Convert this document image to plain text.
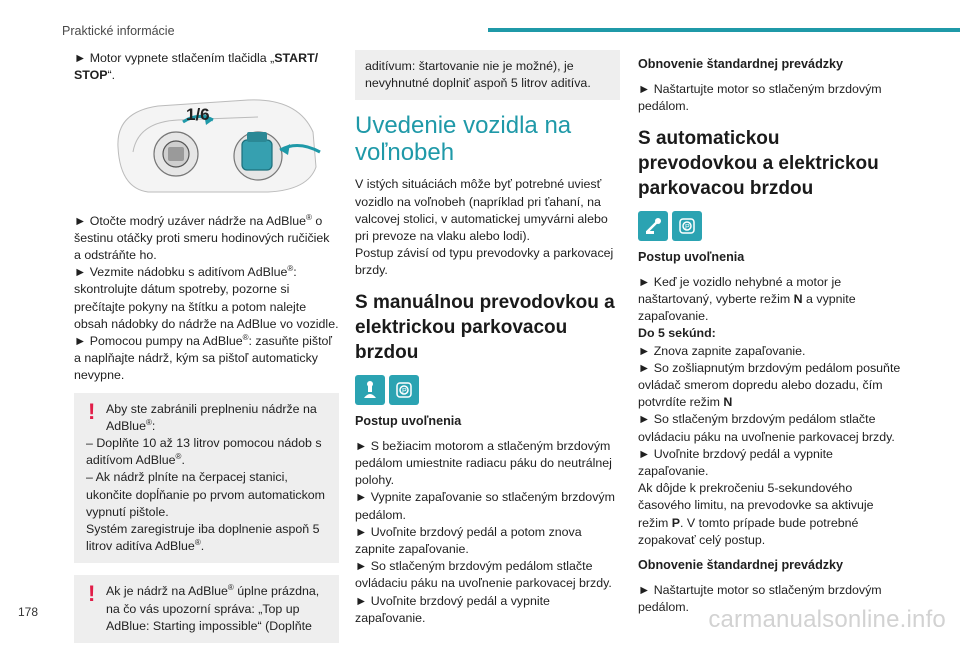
Praktické informácie

► Motor vypnete stlačením tlačidla „START/ STOP“.

1/6

► Otočte modrý uzáver nádrže na AdBlue® o šestinu otáčky proti smeru hodinových ručičiek a odstráňte ho.

► Vezmite nádobku s aditívom AdBlue®: skontrolujte dátum spotreby, pozorne si prečítajte pokyny na štítku a potom nalejte obsah nádobky do nádrže na AdBlue vo vozidle.

► Pomocou pumpy na AdBlue®: zasuňte pištoľ a naplňajte nádrž, kým sa pištoľ automaticky nevypne.

! Aby ste zabránili preplneniu nádrže na AdBlue®:
– Doplňte 10 až 13 litrov pomocou nádob s aditívom AdBlue®.
– Ak nádrž plníte na čerpacej stanici, ukončite dopĺňanie po prvom automatickom vypnutí pištole.
Systém zaregistruje iba doplnenie aspoň 5 litrov aditíva AdBlue®.
! Ak je nádrž na AdBlue® úplne prázdna, na čo vás upozorní správa: „Top up AdBlue: Starting impossible“ (Doplňte
aditívum: štartovanie nie je možné), je nevyhnutné doplniť aspoň 5 litrov aditíva.
Uvedenie vozidla na voľnobeh

V istých situáciách môže byť potrebné uviesť vozidlo na voľnobeh (napríklad pri ťahaní, na valcovej stolici, v automatickej umyvárni alebo pri prevoze na vlaku alebo lodi).

Postup závisí od typu prevodovky a parkovacej brzdy.

S manuálnou prevodovkou a elektrickou parkovacou brzdou
P
Postup uvoľnenia

► S bežiacim motorom a stlačeným brzdovým pedálom umiestnite radiacu páku do neutrálnej polohy.

► Vypnite zapaľovanie so stlačeným brzdovým pedálom.

► Uvoľnite brzdový pedál a potom znova zapnite zapaľovanie.

► So stlačeným brzdovým pedálom stlačte ovládaciu páku na uvoľnenie parkovacej brzdy.

► Uvoľnite brzdový pedál a vypnite zapaľovanie.

Obnovenie štandardnej prevádzky

► Naštartujte motor so stlačeným brzdovým pedálom.

S automatickou prevodovkou a elektrickou parkovacou brzdou
P
Postup uvoľnenia

► Keď je vozidlo nehybné a motor je naštartovaný, vyberte režim N a vypnite zapaľovanie.

Do 5 sekúnd:

► Znova zapnite zapaľovanie.

► So zošliapnutým brzdovým pedálom posuňte ovládač smerom dopredu alebo dozadu, čím potvrdíte režim N

► So stlačeným brzdovým pedálom stlačte ovládaciu páku na uvoľnenie parkovacej brzdy.

► Uvoľnite brzdový pedál a vypnite zapaľovanie.

Ak dôjde k prekročeniu 5-sekundového časového limitu, na prevodovke sa aktivuje režim P. V tomto prípade bude potrebné zopakovať celý postup.

Obnovenie štandardnej prevádzky

► Naštartujte motor so stlačeným brzdovým pedálom.

178	carmanualsonline.info
